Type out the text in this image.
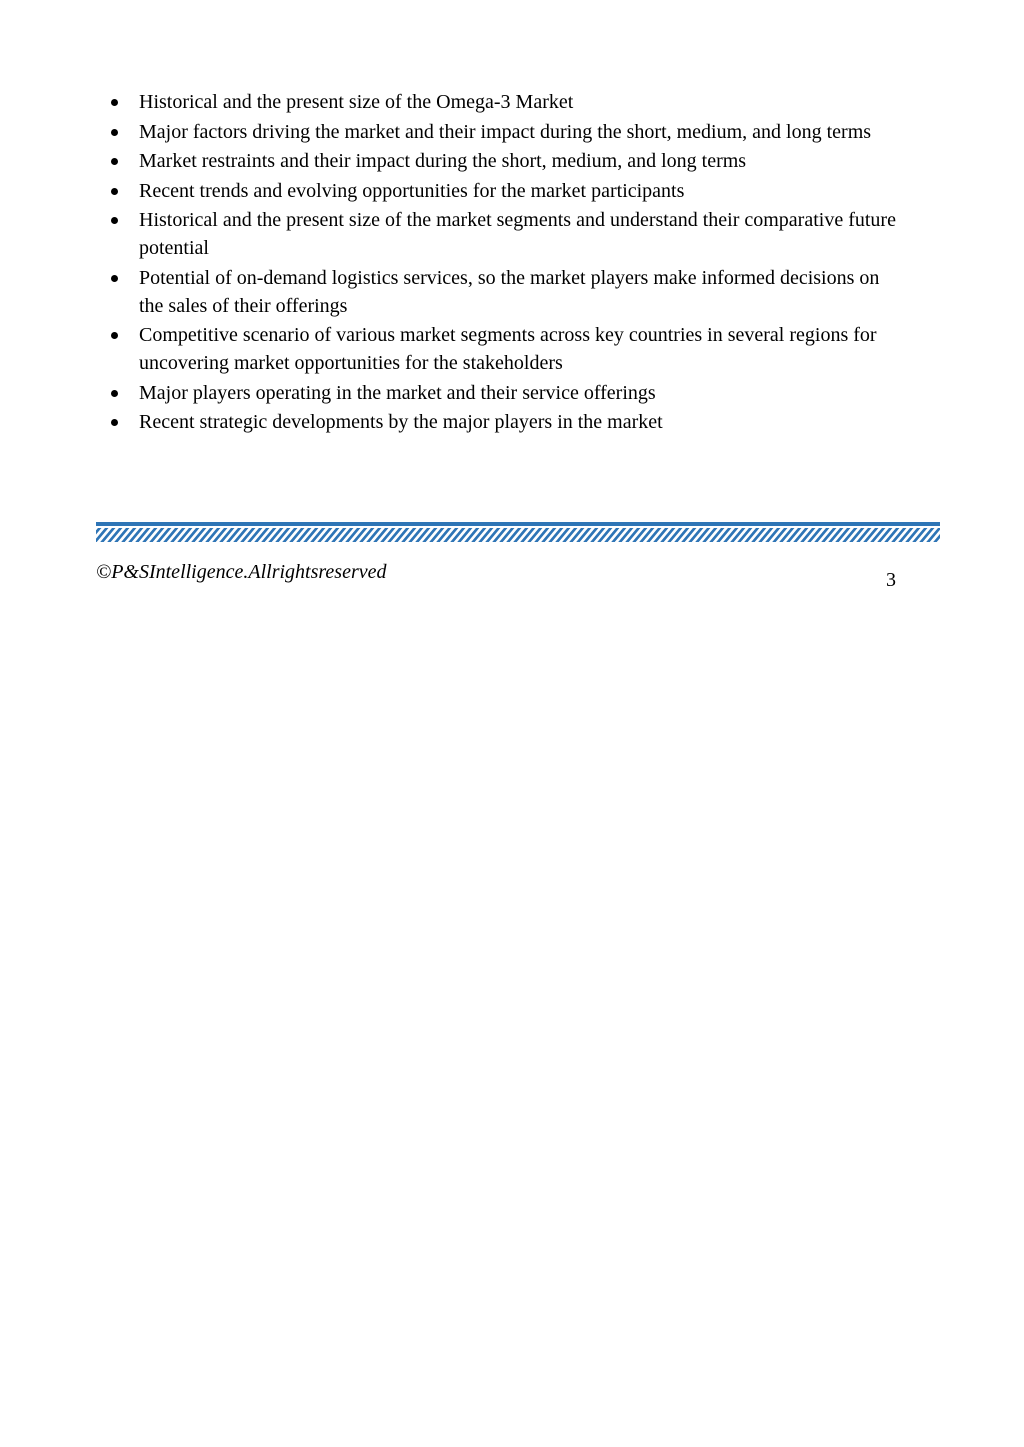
Historical and the present size of the Omega-3 Market
Major factors driving the market and their impact during the short, medium, and long terms
Market restraints and their impact during the short, medium, and long terms
Recent trends and evolving opportunities for the market participants
Historical and the present size of the market segments and understand their comparative future potential
Potential of on-demand logistics services, so the market players make informed decisions on the sales of their offerings
Competitive scenario of various market segments across key countries in several regions for uncovering market opportunities for the stakeholders
Major players operating in the market and their service offerings
Recent strategic developments by the major players in the market
©P&SIntelligence.Allrightsreserved	3
